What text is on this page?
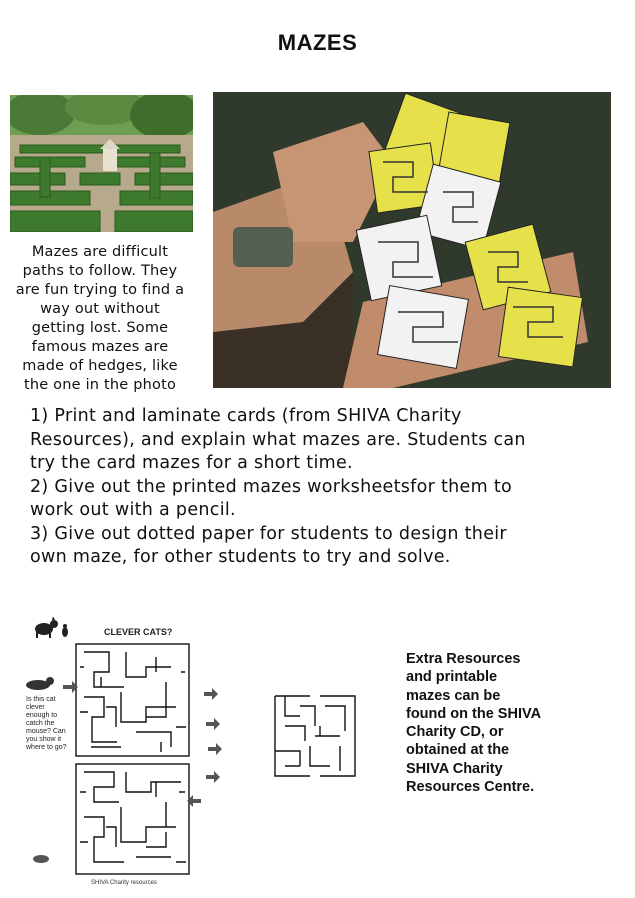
MAZES
Mazes are difficult
paths to follow. They
are fun trying to find a
way out without
getting lost. Some
famous mazes are
made of hedges, like
the one in the photo

1) Print and laminate cards (from SHIVA Charity

Resources), and explain what mazes are. Students can

try the card mazes for a short time.

2) Give out the printed mazes worksheetsfor them to

work out with a pencil.

3) Give out dotted paper for students to design their

own maze, for other students to try and solve.

CLEVER CATS?
Is this cat
clever
enough to
catch the
mouse? Can
you show it
where to go?
SHIVA Charity resources

Extra Resources

and printable

mazes can be

found on the SHIVA

Charity CD, or

obtained at the

SHIVA Charity

Resources Centre.
